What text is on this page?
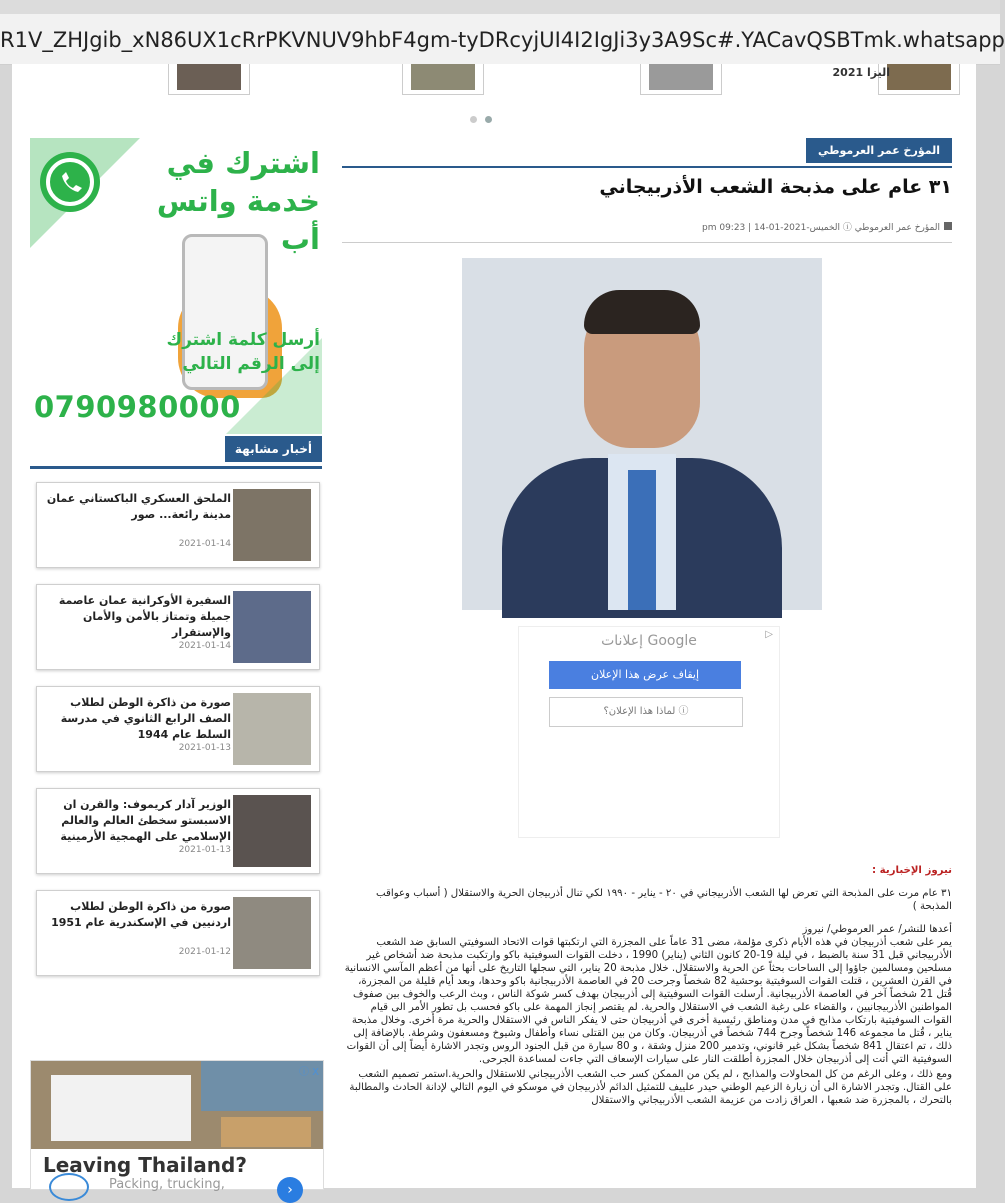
R1V_ZHJgib_xN86UX1cRrPKVNUV9hbF4gm-tyDRcyjUI4I2IgJi3y3A9Sc#.YACavQSBTmk.whatsapp
2021 اليزا
اشترك في خدمة واتس أب
أرسل كلمة اشترك إلى الرقم التالي
0790980000
أخبار مشابهة
الملحق العسكري الباكستاني عمان مدينة رائعة... صور
2021-01-14
السفيرة الأوكرانية عمان عاصمة جميلة وتمتاز بالأمن والأمان والإستقرار
2021-01-14
صورة من ذاكرة الوطن لطلاب الصف الرابع الثانوي في مدرسة السلط عام 1944
2021-01-13
الوزير آدار كريموف: والقرن ان الاسبستو سخطئ العالم والعالم الإسلامي على الهمجية الأرمينية
2021-01-13
صورة من ذاكرة الوطن لطلاب اردنيين في الإسكندرية عام 1951
2021-01-12
ⓘ X
Leaving Thailand?
Packing, trucking,	›
المؤرخ عمر العرموطي
٣١ عام على مذبحة الشعب الأذربيجاني
المؤرخ عمر العرموطي ⓘ الخميس-2021-01-14 | 09:23 pm
▷
إعلانات Google
إيقاف عرض هذا الإعلان
لماذا هذا الإعلان؟ ⓘ

نيروز الإخبارية :

٣١ عام مرت على المذبحة التي تعرض لها الشعب الأذربيجاني في ٢٠ - يناير - ١٩٩٠ لكي تنال أذربيجان الحرية والاستقلال ( أسباب وعواقب المذبحة )

أعدها للنشر/ عمر العرموطي/ نيروز

يمر على شعب أذربيجان في هذه الأيام ذكرى مؤلمة، مضى 31 عاماً على المجزرة التي ارتكبتها قوات الاتحاد السوفيتي السابق ضد الشعب الأذربيجاني قبل 31 سنة بالضبط ، في ليلة 19-20 كانون الثاني (يناير) 1990 ، دخلت القوات السوفيتية باكو وارتكبت مذبحة ضد أشخاص غير مسلحين ومسالمين جاؤوا إلى الساحات بحثاً عن الحرية والاستقلال. خلال مذبحة 20 يناير، التي سجلها التاريخ على أنها من أعظم المآسي الانسانية في القرن العشرين ، قتلت القوات السوفيتية بوحشية 82 شخصاً وجرحت 20 في العاصمة الأذربيجانية باكو وحدها، وبعد أيام قليلة من المجزرة، قُتل 21 شخصاً آخر في العاصمة الأذربيجانية. أرسلت القوات السوفيتية إلى أذربيجان بهدف كسر شوكة الناس ، وبث الرعب والخوف بين صفوف المواطنين الأذربيجانيين ، والقضاء على رغبة الشعب في الاستقلال والحرية. لم يقتصر إنجاز المهمة على باكو فحسب بل تطور الأمر الى قيام القوات السوفيتية بارتكاب مذابح في مدن ومناطق رئيسية أخرى في أذربيجان حتى لا يفكر الناس في الاستقلال والحرية مرة أخرى. وخلال مذبحة يناير ، قُتل ما مجموعه 146 شخصاً وجرح 744 شخصاً في أذربيجان. وكان من بين القتلى نساء وأطفال وشيوخ ومسعفون وشرطة. بالإضافة إلى ذلك ، تم اعتقال 841 شخصاً بشكل غير قانوني، وتدمير 200 منزل وشقة ، و 80 سيارة من قبل الجنود الروس وتجدر الاشارة أيضاً إلى أن القوات السوفيتية التي أتت إلى أذربيجان خلال المجزرة أطلقت النار على سيارات الإسعاف التي جاءت لمساعدة الجرحى.

ومع ذلك ، وعلى الرغم من كل المحاولات والمذابح ، لم يكن من الممكن كسر حب الشعب الأذربيجاني للاستقلال والحرية.استمر تصميم الشعب على القتال. وتجدر الاشارة الى أن زيارة الزعيم الوطني حيدر علييف للتمثيل الدائم لأذربيجان في موسكو في اليوم التالي لإدانة الحادث والمطالبة بالتحرك ، بالمجزرة ضد شعبها ، العراق زادت من عزيمة الشعب الأذربيجاني والاستقلال
